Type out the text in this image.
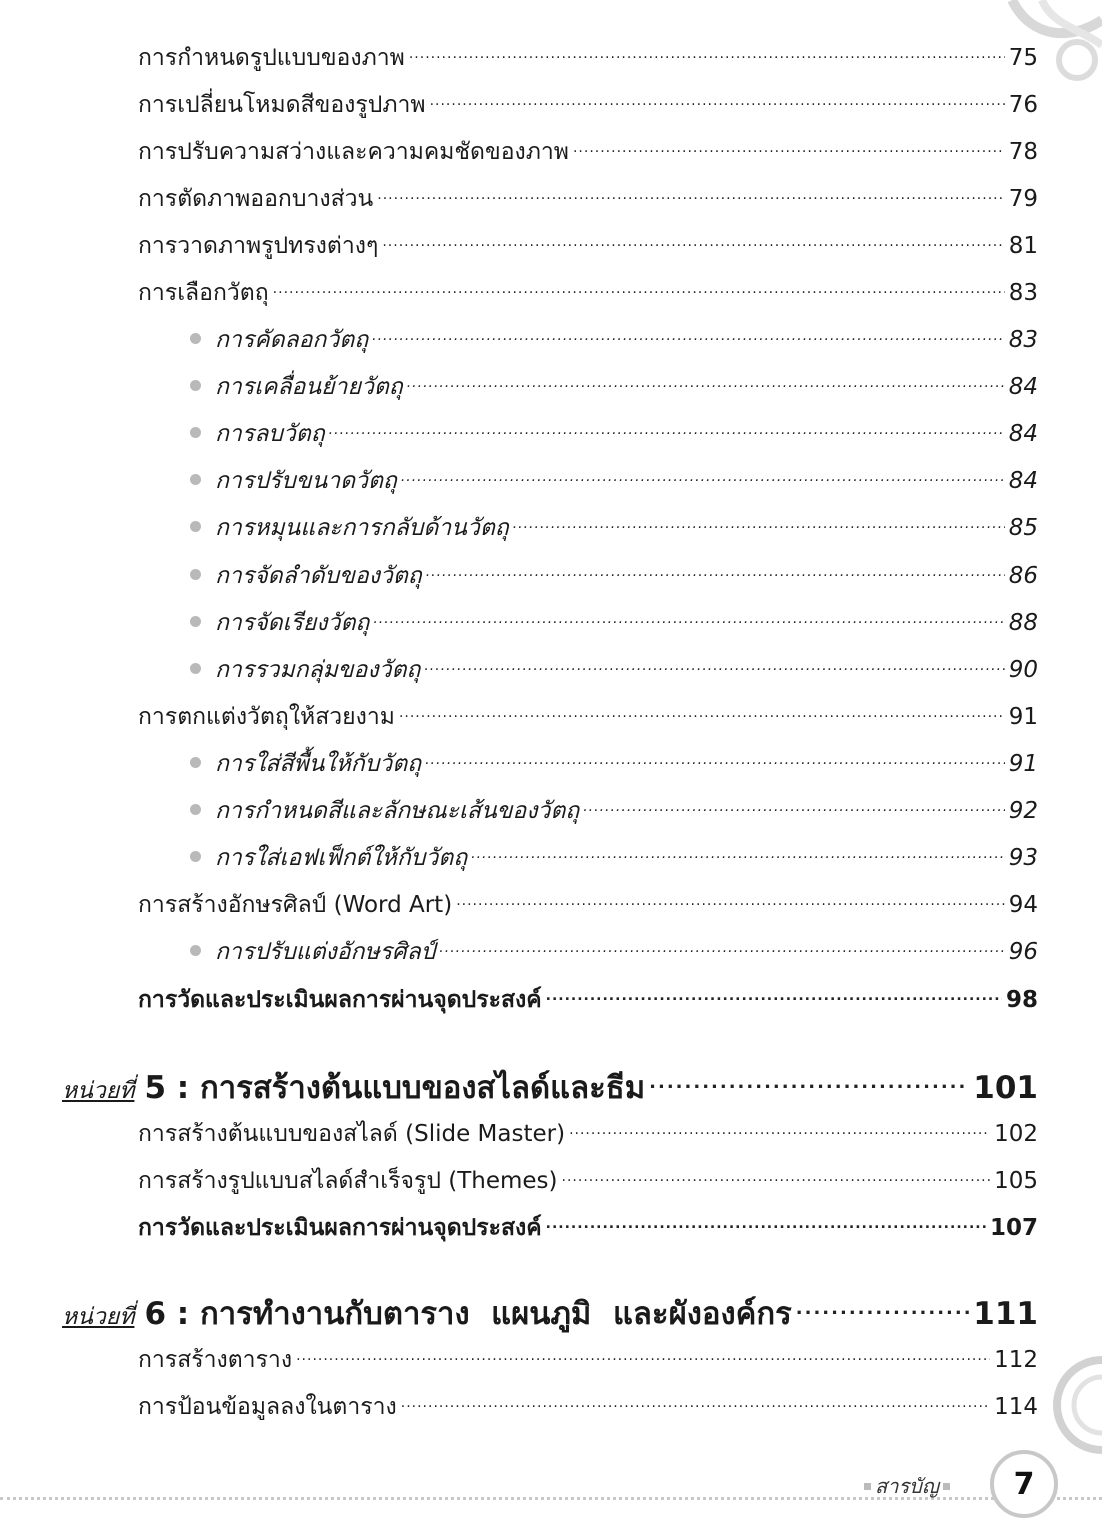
การกำหนดรูปแบบของภาพ .....	75
การเปลี่ยนโหมดสีของรูปภาพ .....	76
การปรับความสว่างและความคมชัดของภาพ .....	78
การตัดภาพออกบางส่วน .....	79
การวาดภาพรูปทรงต่างๆ .....	81
การเลือกวัตถุ .....	83
การคัดลอกวัตถุ .....	83
การเคลื่อนย้ายวัตถุ .....	84
การลบวัตถุ .....	84
การปรับขนาดวัตถุ .....	84
การหมุนและการกลับด้านวัตถุ .....	85
การจัดลำดับของวัตถุ .....	86
การจัดเรียงวัตถุ .....	88
การรวมกลุ่มของวัตถุ .....	90
การตกแต่งวัตถุให้สวยงาม .....	91
การใส่สีพื้นให้กับวัตถุ .....	91
การกำหนดสีและลักษณะเส้นของวัตถุ .....	92
การใส่เอฟเฟ็กต์ให้กับวัตถุ .....	93
การสร้างอักษรศิลป์ (Word Art) .....	94
การปรับแต่งอักษรศิลป์ .....	96
การวัดและประเมินผลการผ่านจุดประสงค์ .....	98
หน่วยที่ 5 : การสร้างต้นแบบของสไลด์และธีม .....	101
การสร้างต้นแบบของสไลด์ (Slide Master) .....	102
การสร้างรูปแบบสไลด์สำเร็จรูป (Themes) .....	105
การวัดและประเมินผลการผ่านจุดประสงค์ .....	107
หน่วยที่ 6 : การทำงานกับตาราง  แผนภูมิ  และผังองค์กร .....	111
การสร้างตาราง .....	112
การป้อนข้อมูลลงในตาราง .....	114
สารบัญ	7
